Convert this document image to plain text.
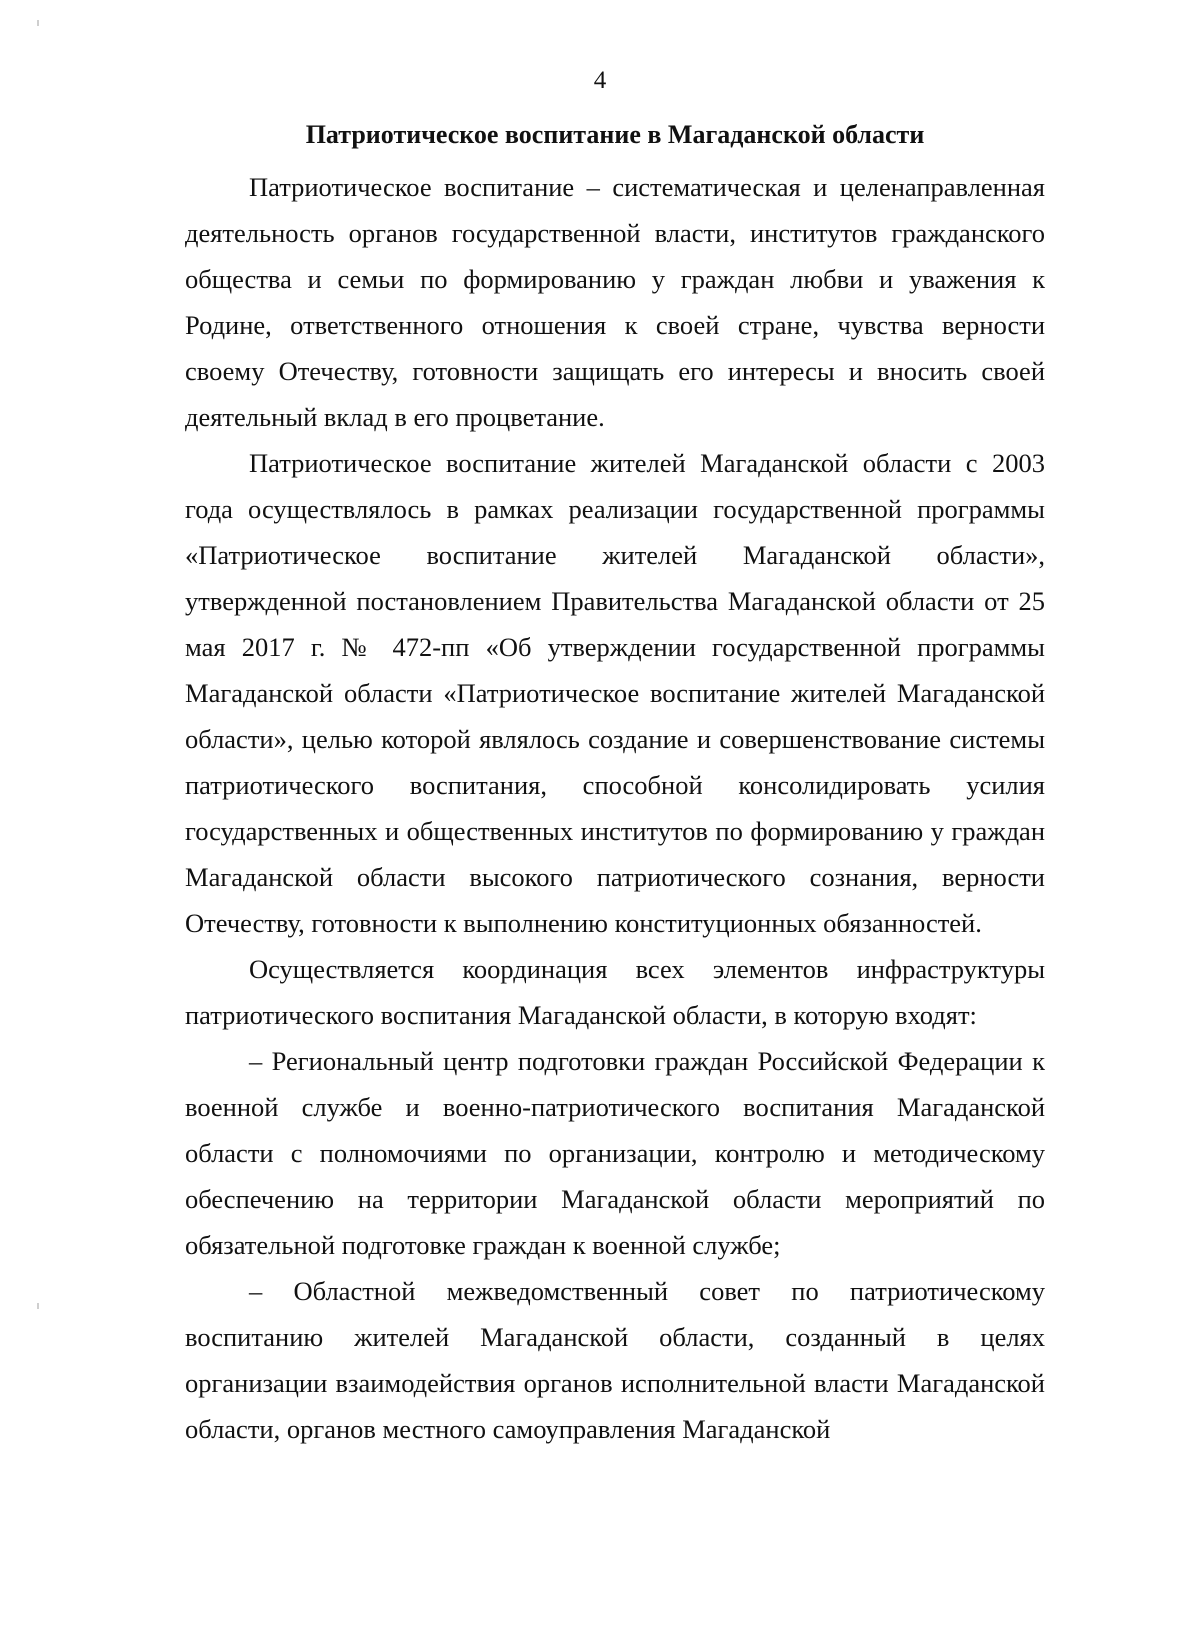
4
Патриотическое воспитание в Магаданской области

Патриотическое воспитание – систематическая и целенаправленная деятельность органов государственной власти, институтов гражданского общества и семьи по формированию у граждан любви и уважения к Родине, ответственного отношения к своей стране, чувства верности своему Отечеству, готовности защищать его интересы и вносить своей деятельный вклад в его процветание.

Патриотическое воспитание жителей Магаданской области с 2003 года осуществлялось в рамках реализации государственной программы «Патриотическое воспитание жителей Магаданской области», утвержденной постановлением Правительства Магаданской области от 25 мая 2017 г. № 472-пп «Об утверждении государственной программы Магаданской области «Патриотическое воспитание жителей Магаданской области», целью которой являлось создание и совершенствование системы патриотического воспитания, способной консолидировать усилия государственных и общественных институтов по формированию у граждан Магаданской области высокого патриотического сознания, верности Отечеству, готовности к выполнению конституционных обязанностей.

Осуществляется координация всех элементов инфраструктуры патриотического воспитания Магаданской области, в которую входят:

– Региональный центр подготовки граждан Российской Федерации к военной службе и военно-патриотического воспитания Магаданской области с полномочиями по организации, контролю и методическому обеспечению на территории Магаданской области мероприятий по обязательной подготовке граждан к военной службе;

– Областной межведомственный совет по патриотическому воспитанию жителей Магаданской области, созданный в целях организации взаимодействия органов исполнительной власти Магаданской области, органов местного самоуправления Магаданской
